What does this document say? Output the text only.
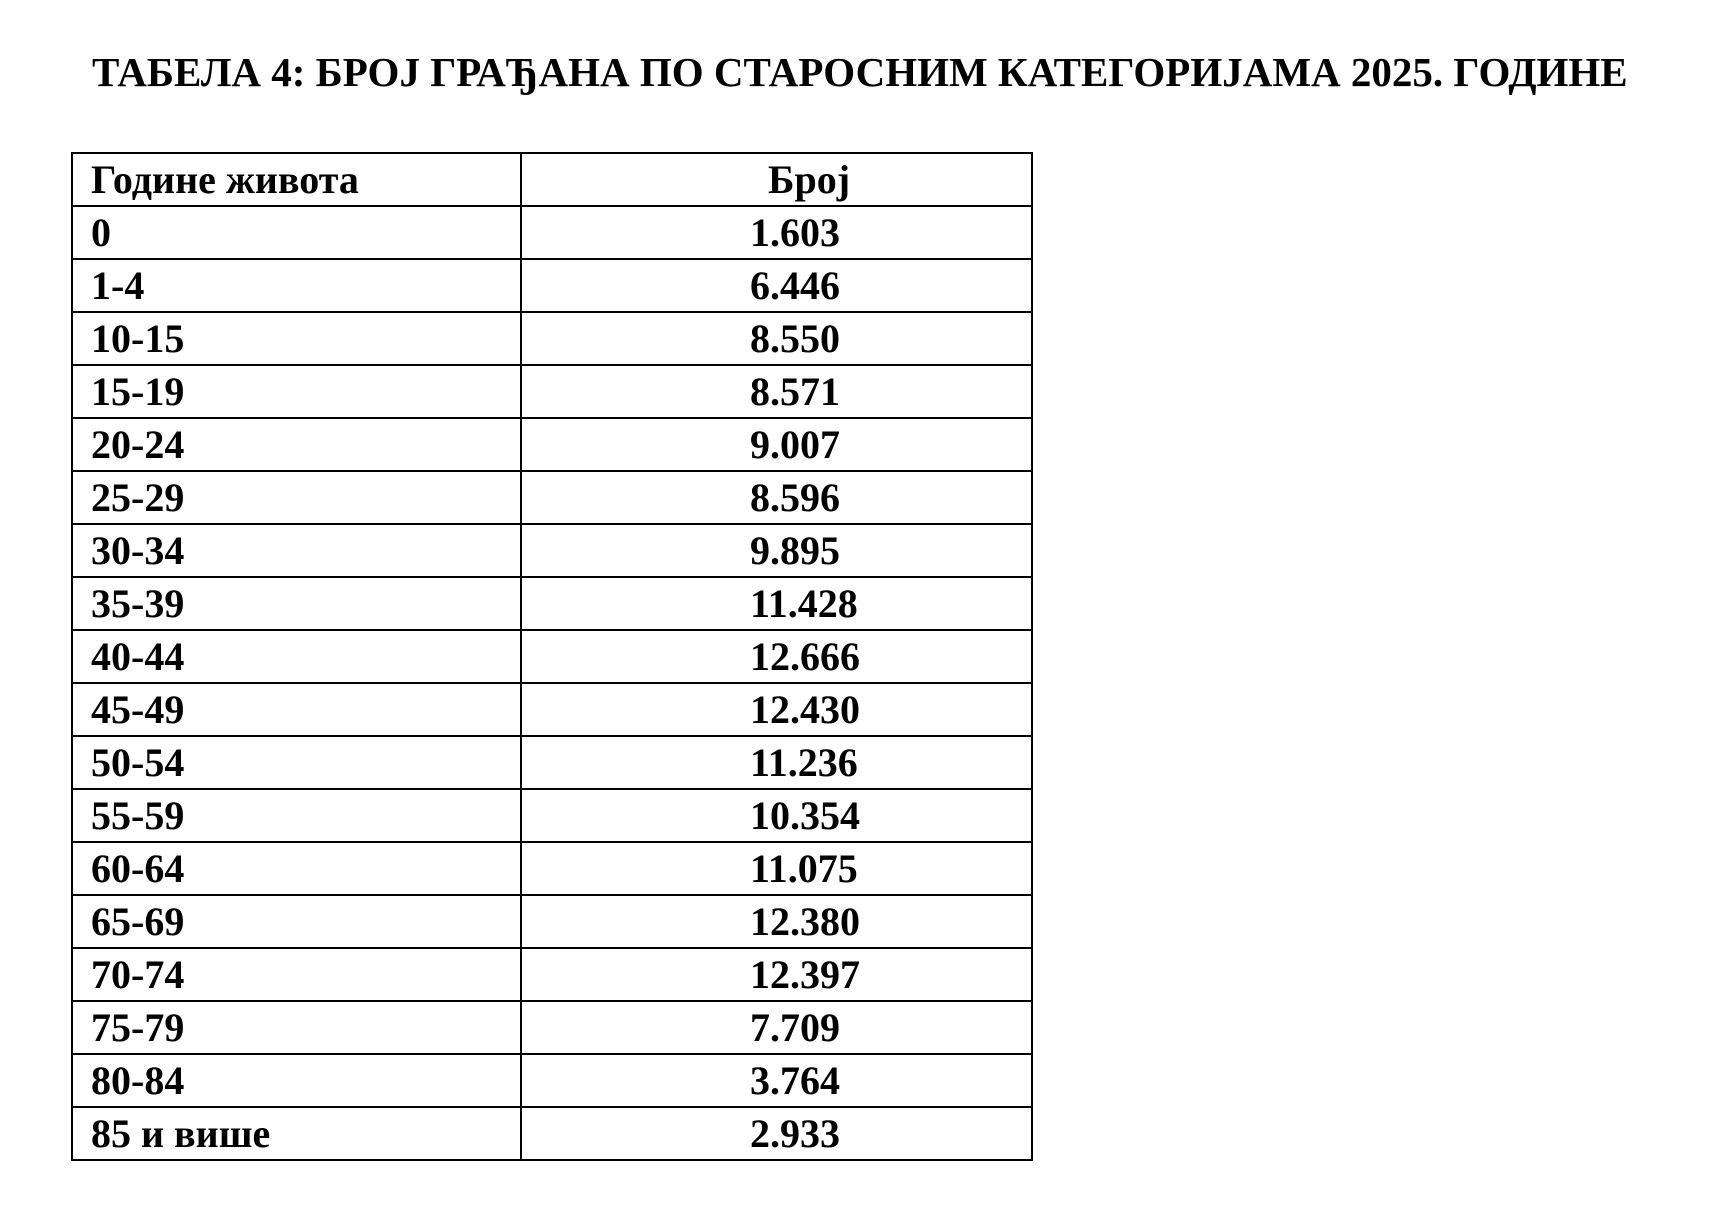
ТАБЕЛА 4: БРОЈ ГРАЂАНА ПО СТАРОСНИМ КАТЕГОРИЈАМА 2025. ГОДИНЕ
Године живота	Број
0	1.603
1-4	6.446
10-15	8.550
15-19	8.571
20-24	9.007
25-29	8.596
30-34	9.895
35-39	11.428
40-44	12.666
45-49	12.430
50-54	11.236
55-59	10.354
60-64	11.075
65-69	12.380
70-74	12.397
75-79	7.709
80-84	3.764
85 и више	2.933
